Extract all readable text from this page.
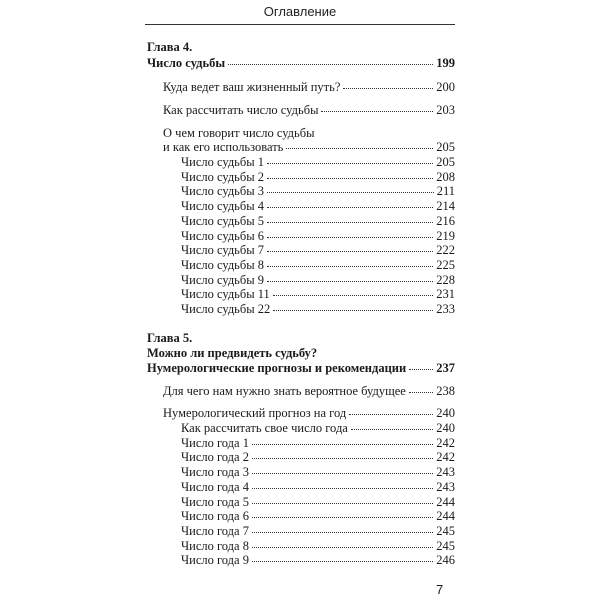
Оглавление
Глава 4.
Число судьбы	199
Куда ведет ваш жизненный путь?	200
Как рассчитать число судьбы	203
О чем говорит число судьбы
и как его использовать	205
Число судьбы 1	205
Число судьбы 2	208
Число судьбы 3	211
Число судьбы 4	214
Число судьбы 5	216
Число судьбы 6	219
Число судьбы 7	222
Число судьбы 8	225
Число судьбы 9	228
Число судьбы 11	231
Число судьбы 22	233
Глава 5.
Можно ли предвидеть судьбу?
Нумерологические прогнозы и рекомендации 237
Для чего нам нужно знать вероятное будущее 238
Нумерологический прогноз на год	240
Как рассчитать свое число года	240
Число года 1	242
Число года 2	242
Число года 3	243
Число года 4	243
Число года 5	244
Число года 6	244
Число года 7	245
Число года 8	245
Число года 9	246
7
